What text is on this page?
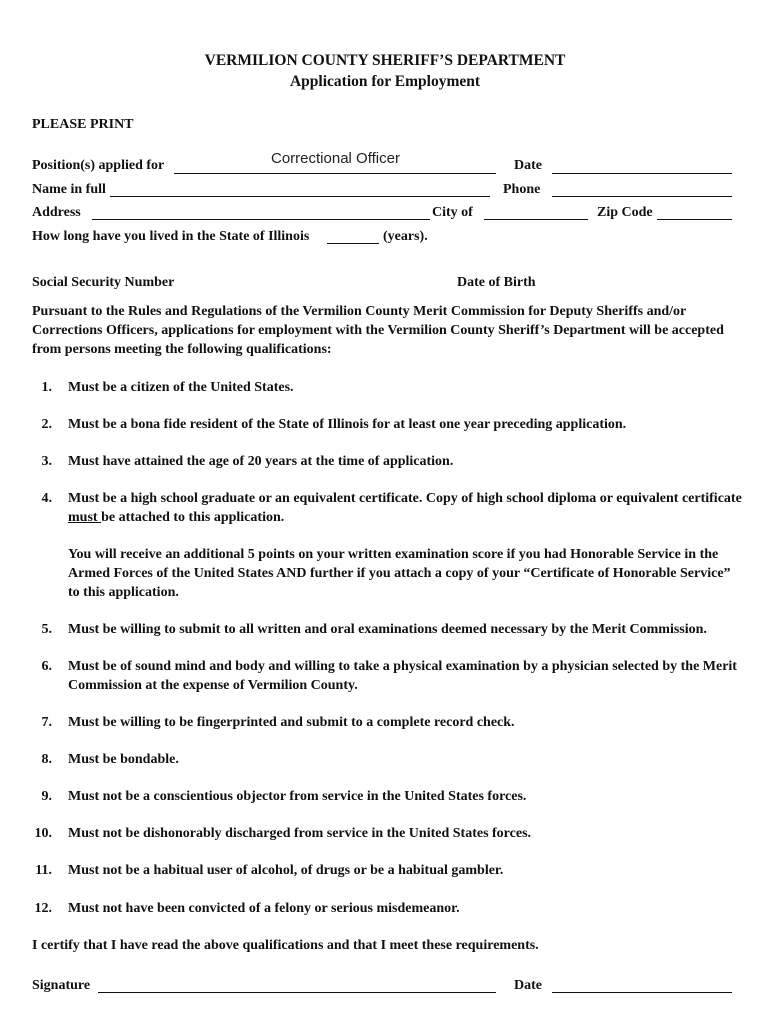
VERMILION COUNTY SHERIFF’S DEPARTMENT
Application for Employment
PLEASE PRINT
Position(s) applied for	Correctional Officer	Date
Name in full	Phone
Address	City of	Zip Code
How long have you lived in the State of Illinois	(years).
Social Security Number	Date of Birth
Pursuant to the Rules and Regulations of the Vermilion County Merit Commission for Deputy Sheriffs and/or Corrections Officers, applications for employment with the Vermilion County Sheriff’s Department will be accepted from persons meeting the following qualifications:
1. Must be a citizen of the United States.
2. Must be a bona fide resident of the State of Illinois for at least one year preceding application.
3. Must have attained the age of 20 years at the time of application.
4. Must be a high school graduate or an equivalent certificate. Copy of high school diploma or equivalent certificate must be attached to this application.
You will receive an additional 5 points on your written examination score if you had Honorable Service in the Armed Forces of the United States AND further if you attach a copy of your “Certificate of Honorable Service” to this application.
5. Must be willing to submit to all written and oral examinations deemed necessary by the Merit Commission.
6. Must be of sound mind and body and willing to take a physical examination by a physician selected by the Merit Commission at the expense of Vermilion County.
7. Must be willing to be fingerprinted and submit to a complete record check.
8. Must be bondable.
9. Must not be a conscientious objector from service in the United States forces.
10. Must not be dishonorably discharged from service in the United States forces.
11. Must not be a habitual user of alcohol, of drugs or be a habitual gambler.
12. Must not have been convicted of a felony or serious misdemeanor.
I certify that I have read the above qualifications and that I meet these requirements.
Signature	Date
